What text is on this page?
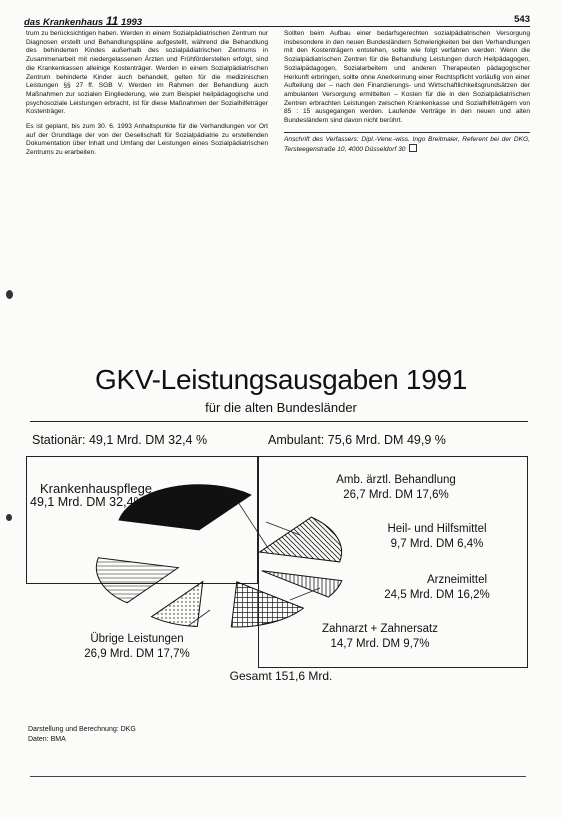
das Krankenhaus 11 1993	543

trum zu berücksichtigen haben. Werden in einem Sozialpädiatrischen Zentrum nur Diagnosen erstellt und Behandlungspläne aufgestellt, während die Behandlung des behinderten Kindes außerhalb des sozialpädiatrischen Zentrums in Zusammenarbeit mit niedergelassenen Ärzten und Frühförderstellen erfolgt, sind die Krankenkassen alleinige Kostenträger. Werden in einem Sozialpädiatrischen Zentrum behinderte Kinder auch behandelt, gelten für die medizinischen Leistungen §§ 27 ff. SGB V. Werden im Rahmen der Behandlung auch Maßnahmen zur sozialen Eingliederung, wie zum Beispiel heilpädagogische und psychosoziale Leistungen erbracht, ist für diese Maßnahmen der Sozialhilfeträger Kostenträger.

Es ist geplant, bis zum 30. 6. 1993 Anhaltspunkte für die Verhandlungen vor Ort auf der Grundlage der von der Gesellschaft für Sozialpädiatrie zu erstellenden Dokumentation über Inhalt und Umfang der Leistungen eines Sozialpädiatrischen Zentrums zu erarbeiten.

Sollten beim Aufbau einer bedarfsgerechten sozialpädiatrischen Versorgung insbesondere in den neuen Bundesländern Schwierigkeiten bei den Verhandlungen mit den Kostenträgern entstehen, sollte wie folgt verfahren werden: Wenn die Sozialpädiatrischen Zentren für die Behandlung Leistungen durch Heilpädagogen, Sozialpädagogen, Sozialarbeitern und anderen Therapeuten pädagogischer Herkunft erbringen, sollte ohne Anerkennung einer Rechtspflicht vorläufig von einer Aufteilung der – nach den Finanzierungs- und Wirtschaftlichkeitsgrundsätzen der ambulanten Versorgung ermittelten – Kosten für die in den Sozialpädiatrischen Zentren erbrachten Leistungen zwischen Krankenkasse und Sozialhilfeträgern von 85 : 15 ausgegangen werden. Laufende Verträge in den neuen und alten Bundesländern sind davon nicht berührt.

Anschrift des Verfassers: Dipl.-Verw.-wiss. Ingo Breitmaier, Referent bei der DKG, Tersteegenstraße 10, 4000 Düsseldorf 30

GKV-Leistungsausgaben 1991
für die alten Bundesländer
Stationär: 49,1 Mrd. DM 32,4 %	Ambulant: 75,6 Mrd. DM 49,9 %
Krankenhauspflege
49,1 Mrd. DM 32,4%
Amb. ärztl. Behandlung
26,7 Mrd. DM 17,6%
Heil- und Hilfsmittel
9,7 Mrd. DM 6,4%
Arzneimittel
24,5 Mrd. DM 16,2%
Zahnarzt + Zahnersatz
14,7 Mrd. DM 9,7%
Übrige Leistungen
26,9 Mrd. DM 17,7%
Gesamt 151,6 Mrd.
Darstellung und Berechnung: DKG
Daten: BMA
